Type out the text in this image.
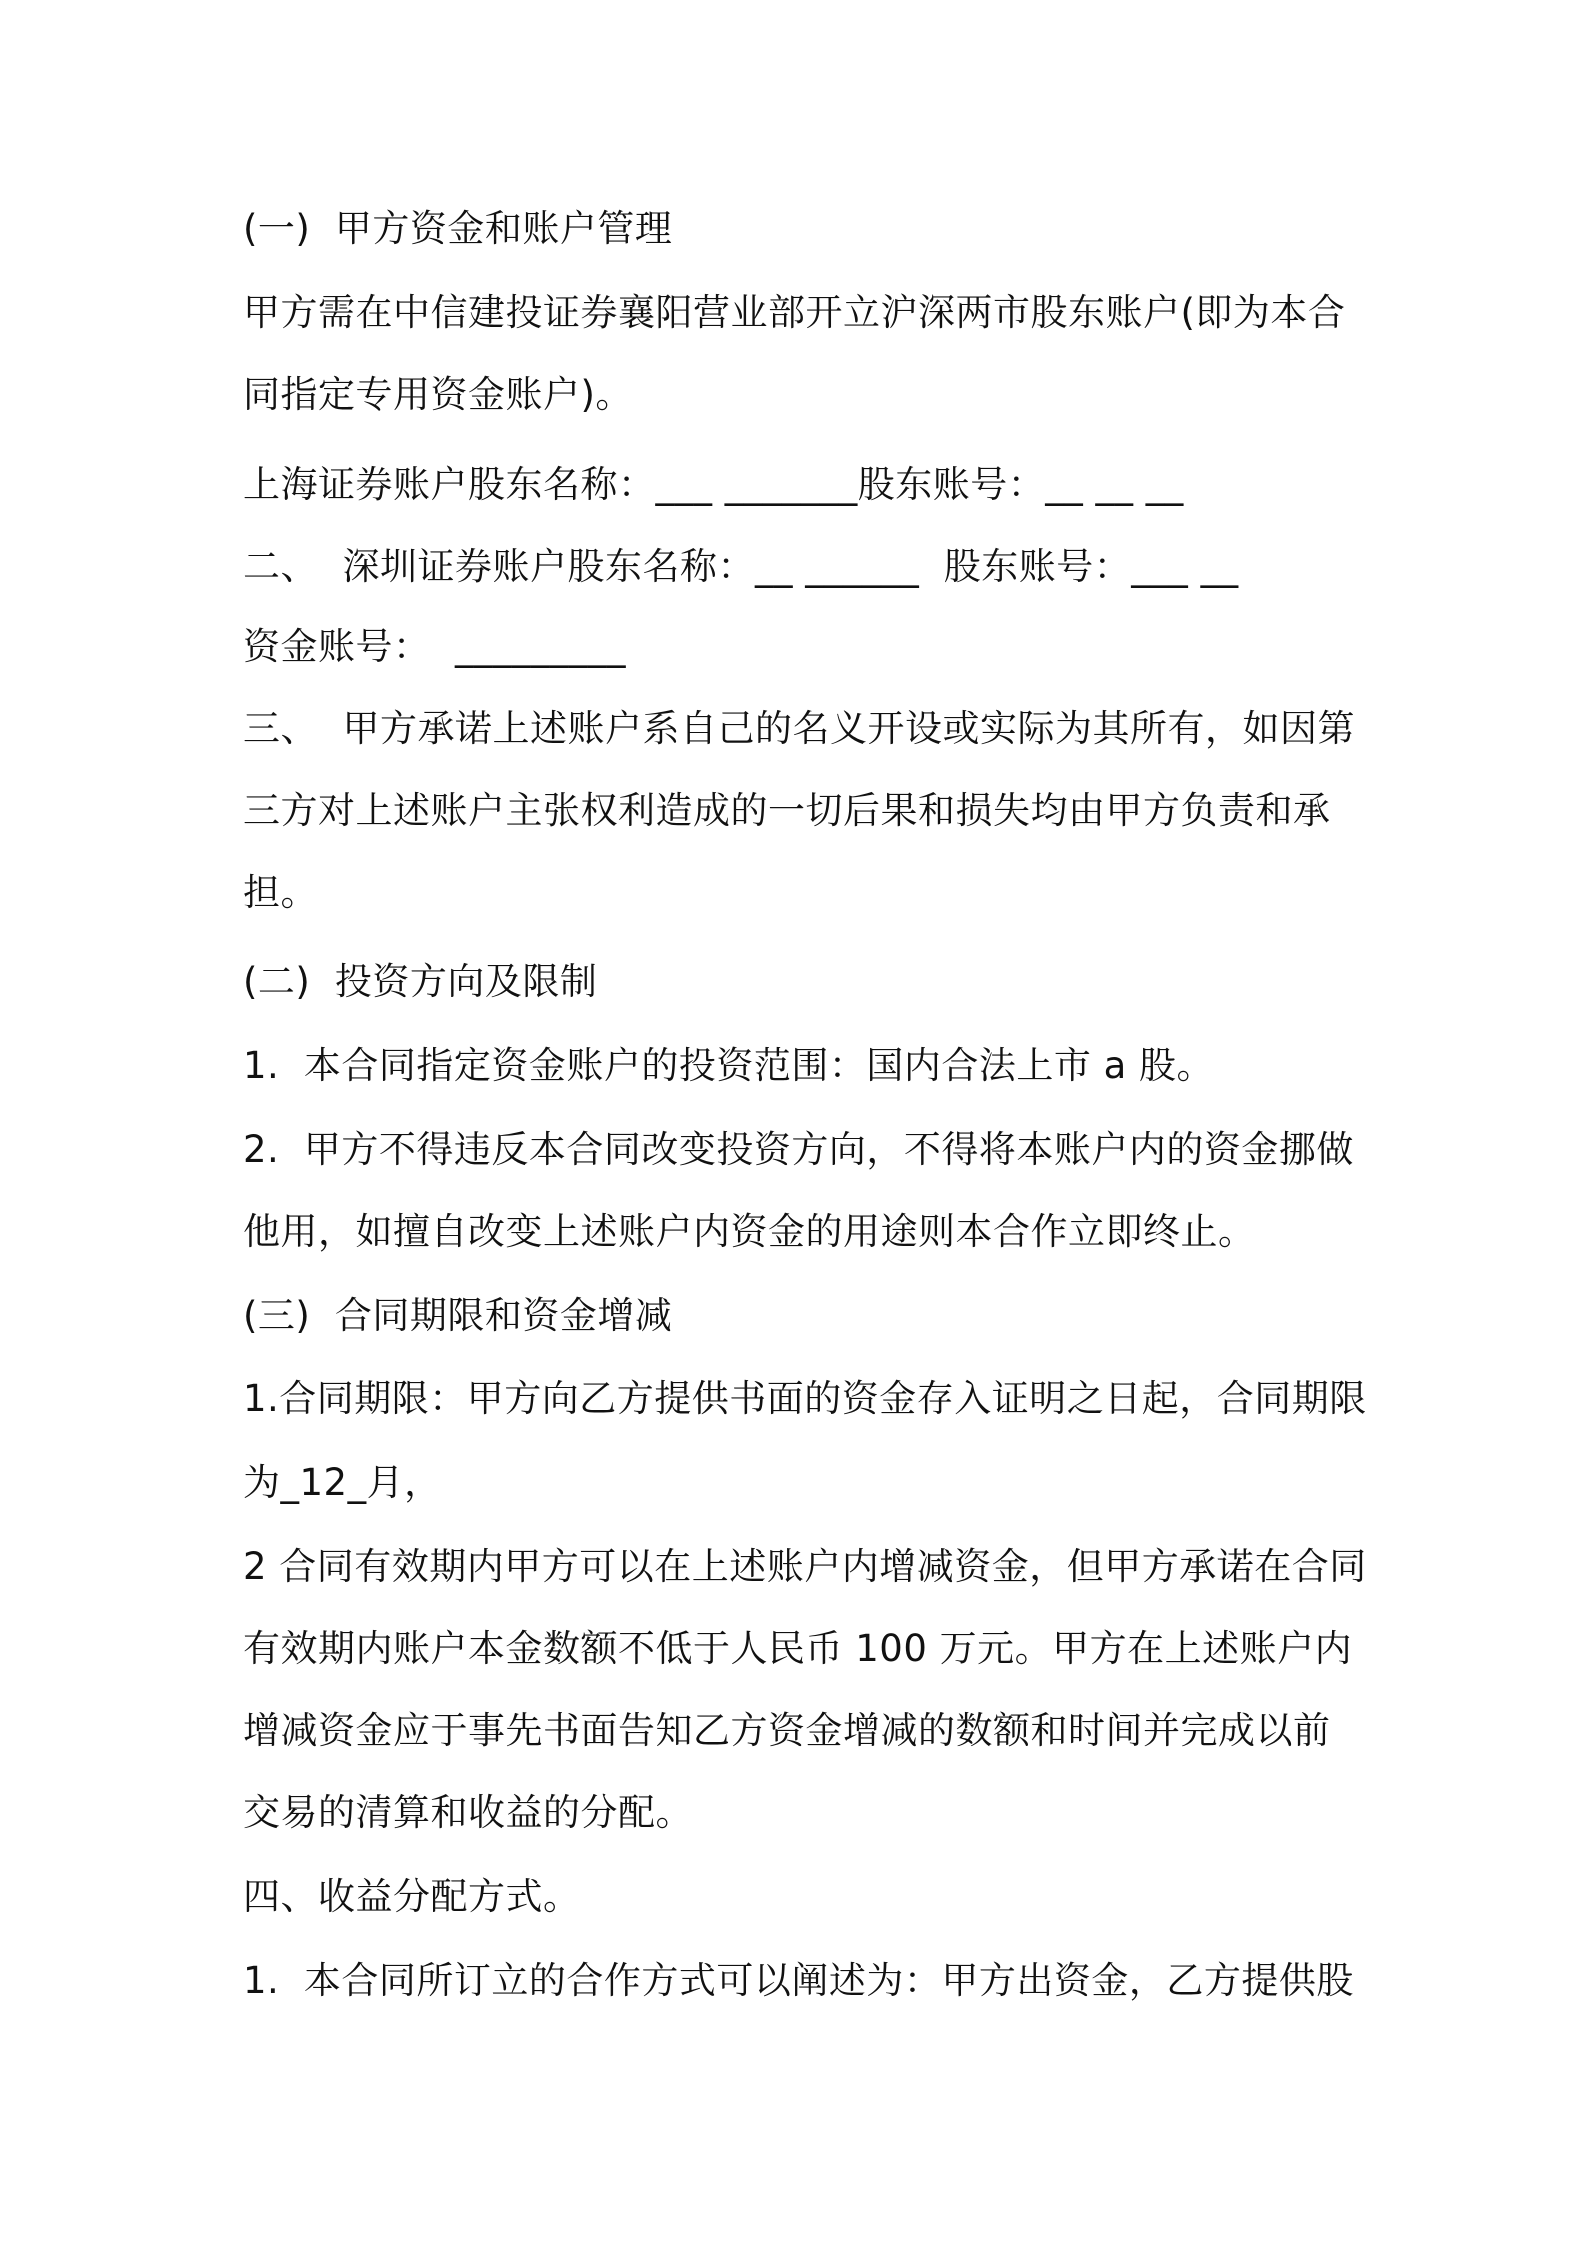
(一)  甲方资金和账户管理
甲方需在中信建投证券襄阳营业部开立沪深两市股东账户(即为本合
同指定专用资金账户)。
上海证券账户股东名称：___ _______股东账号：__ __ __
二、  深圳证券账户股东名称：__ ______  股东账号：___ __
资金账号：  _________
三、  甲方承诺上述账户系自己的名义开设或实际为其所有，如因第
三方对上述账户主张权利造成的一切后果和损失均由甲方负责和承
担。
(二)  投资方向及限制
1.  本合同指定资金账户的投资范围：国内合法上市 a 股。
2.  甲方不得违反本合同改变投资方向，不得将本账户内的资金挪做
他用，如擅自改变上述账户内资金的用途则本合作立即终止。
(三)  合同期限和资金增减
1.合同期限：甲方向乙方提供书面的资金存入证明之日起，合同期限
为_12_月，
2 合同有效期内甲方可以在上述账户内增减资金，但甲方承诺在合同
有效期内账户本金数额不低于人民币 100 万元。甲方在上述账户内
增减资金应于事先书面告知乙方资金增减的数额和时间并完成以前
交易的清算和收益的分配。
四、收益分配方式。
1.  本合同所订立的合作方式可以阐述为：甲方出资金，乙方提供股
